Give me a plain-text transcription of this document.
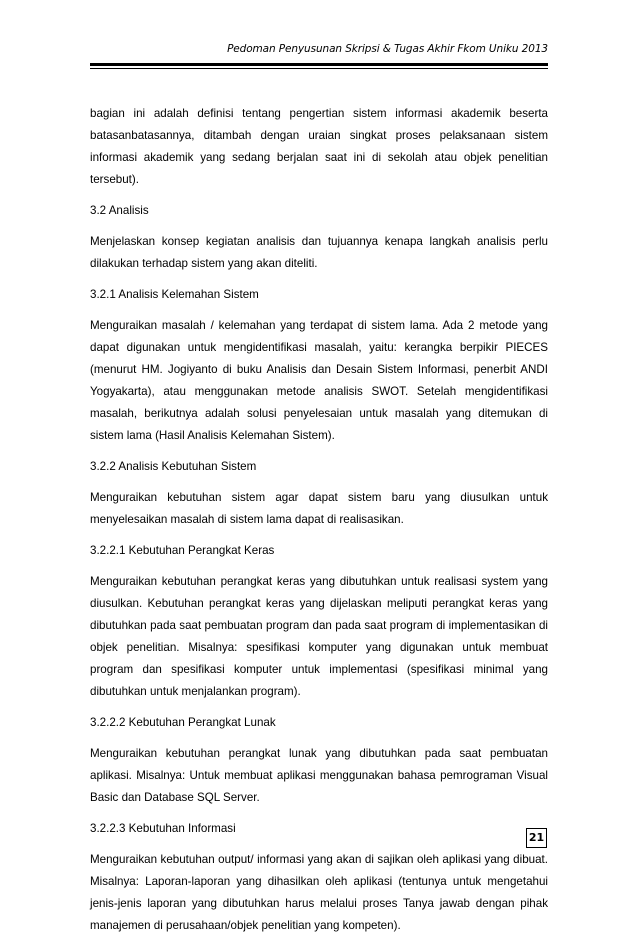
Pedoman Penyusunan Skripsi & Tugas Akhir Fkom Uniku 2013

bagian ini adalah definisi tentang pengertian sistem informasi akademik beserta batasanbatasannya, ditambah dengan uraian singkat proses pelaksanaan sistem informasi akademik yang sedang berjalan saat ini di sekolah atau objek penelitian tersebut).

3.2 Analisis

Menjelaskan konsep kegiatan analisis dan tujuannya kenapa langkah analisis perlu dilakukan terhadap sistem yang akan diteliti.

3.2.1 Analisis Kelemahan Sistem

Menguraikan masalah / kelemahan yang terdapat di sistem lama. Ada 2 metode yang dapat digunakan untuk mengidentifikasi masalah, yaitu: kerangka berpikir PIECES (menurut HM. Jogiyanto di buku Analisis dan Desain Sistem Informasi, penerbit ANDI Yogyakarta), atau menggunakan metode analisis SWOT. Setelah mengidentifikasi masalah, berikutnya adalah solusi penyelesaian untuk masalah yang ditemukan di sistem lama (Hasil Analisis Kelemahan Sistem).

3.2.2 Analisis Kebutuhan Sistem

Menguraikan kebutuhan sistem agar dapat sistem baru yang diusulkan untuk menyelesaikan masalah di sistem lama dapat di realisasikan.

3.2.2.1 Kebutuhan Perangkat Keras

Menguraikan kebutuhan perangkat keras yang dibutuhkan untuk realisasi system yang diusulkan. Kebutuhan perangkat keras yang dijelaskan meliputi perangkat keras yang dibutuhkan pada saat pembuatan program dan pada saat program di implementasikan di objek penelitian. Misalnya: spesifikasi komputer yang digunakan untuk membuat program dan spesifikasi komputer untuk implementasi (spesifikasi minimal yang dibutuhkan untuk menjalankan program).

3.2.2.2 Kebutuhan Perangkat Lunak

Menguraikan kebutuhan perangkat lunak yang dibutuhkan pada saat pembuatan aplikasi. Misalnya: Untuk membuat aplikasi menggunakan bahasa pemrograman Visual Basic dan Database SQL Server.

3.2.2.3 Kebutuhan Informasi

Menguraikan kebutuhan output/ informasi yang akan di sajikan oleh aplikasi yang dibuat. Misalnya: Laporan-laporan yang dihasilkan oleh aplikasi (tentunya untuk mengetahui jenis-jenis laporan yang dibutuhkan harus melalui proses Tanya jawab dengan pihak manajemen di perusahaan/objek penelitian yang kompeten).

21
